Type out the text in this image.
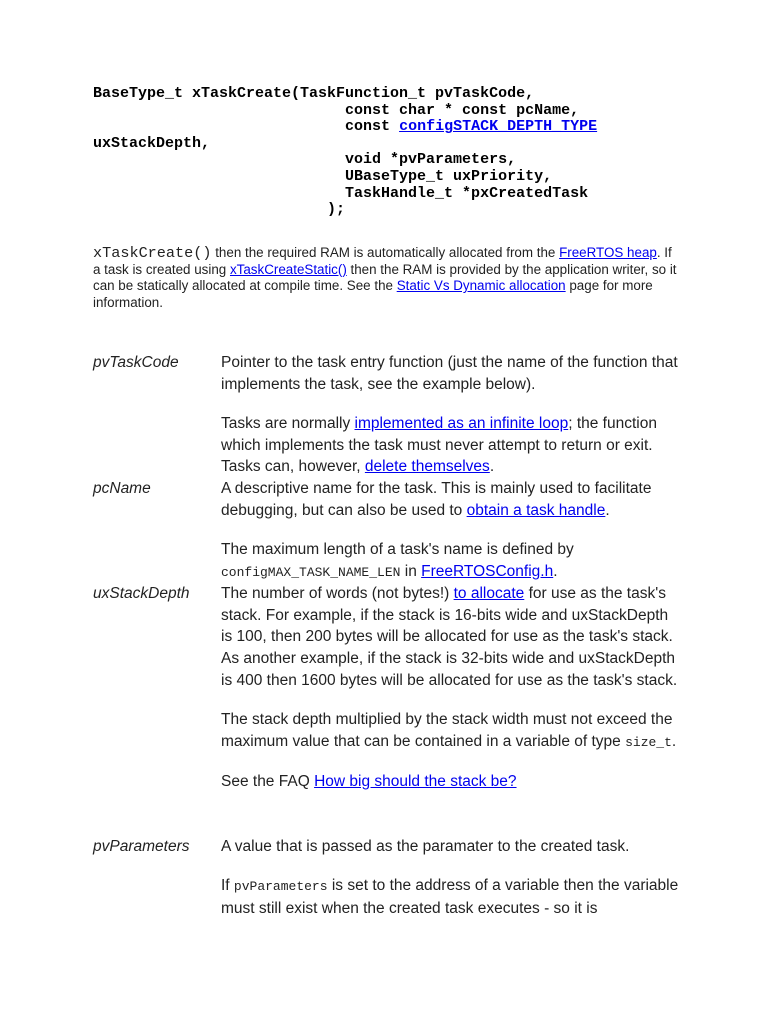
BaseType_t xTaskCreate(TaskFunction_t pvTaskCode,
const char * const pcName,
const configSTACK_DEPTH_TYPE
uxStackDepth,
void *pvParameters,
UBaseType_t uxPriority,
TaskHandle_t *pxCreatedTask
);

xTaskCreate() then the required RAM is automatically allocated from the FreeRTOS heap. If a task is created using xTaskCreateStatic() then the RAM is provided by the application writer, so it can be statically allocated at compile time. See the Static Vs Dynamic allocation page for more information.

pvTaskCode	Pointer to the task entry function (just the name of the function that implements the task, see the example below).

Tasks are normally implemented as an infinite loop; the function which implements the task must never attempt to return or exit. Tasks can, however, delete themselves.

pcName	A descriptive name for the task. This is mainly used to facilitate debugging, but can also be used to obtain a task handle.

The maximum length of a task's name is defined by configMAX_TASK_NAME_LEN in FreeRTOSConfig.h.

uxStackDepth The number of words (not bytes!) to allocate for use as the task's stack. For example, if the stack is 16-bits wide and uxStackDepth is 100, then 200 bytes will be allocated for use as the task's stack. As another example, if the stack is 32-bits wide and uxStackDepth is 400 then 1600 bytes will be allocated for use as the task's stack.

The stack depth multiplied by the stack width must not exceed the maximum value that can be contained in a variable of type size_t.

See the FAQ How big should the stack be?

pvParameters A value that is passed as the paramater to the created task.

If pvParameters is set to the address of a variable then the variable must still exist when the created task executes - so it is
